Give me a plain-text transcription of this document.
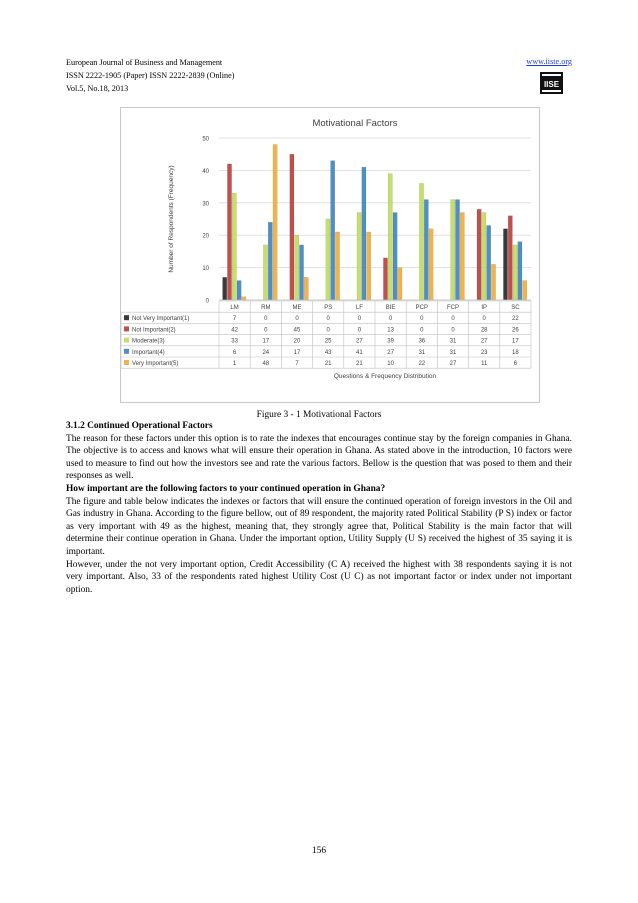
European Journal of Business and Management
ISSN 2222-1905 (Paper) ISSN 2222-2839 (Online)
Vol.5, No.18, 2013
www.iiste.org
IISE
Motivational Factors
0
10
20
30
40
50
Number of Respondents (Frequency)
LM	RM	ME	PS	LF	BIE	PCP	FCP	IP	SC
Not Very Important(1)	7	0	0	0	0	0	0	0	0	22
Not Important(2)	42	0	45	0	0	13	0	0	28	26
Moderate(3)	33	17	20	25	27	39	36	31	27	17
Important(4)	6	24	17	43	41	27	31	31	23	18
Very Important(5)	1	48	7	21	21	10	22	27	11	6
Questions & Frequency Distribution
Figure 3 - 1 Motivational Factors

3.1.2 Continued Operational Factors

The reason for these factors under this option is to rate the indexes that encourages continue stay by the foreign companies in Ghana. The objective is to access and knows what will ensure their operation in Ghana. As stated above in the introduction, 10 factors were used to measure to find out how the investors see and rate the various factors. Bellow is the question that was posed to them and their responses as well.

How important are the following factors to your continued operation in Ghana?

The figure and table below indicates the indexes or factors that will ensure the continued operation of foreign investors in the Oil and Gas industry in Ghana. According to the figure bellow, out of 89 respondent, the majority rated Political Stability (P S) index or factor as very important with 49 as the highest, meaning that, they strongly agree that, Political Stability is the main factor that will determine their continue operation in Ghana. Under the important option, Utility Supply (U S) received the highest of 35 saying it is important.

However, under the not very important option, Credit Accessibility (C A) received the highest with 38 respondents saying it is not very important. Also, 33 of the respondents rated highest Utility Cost (U C) as not important factor or index under not important option.

156
